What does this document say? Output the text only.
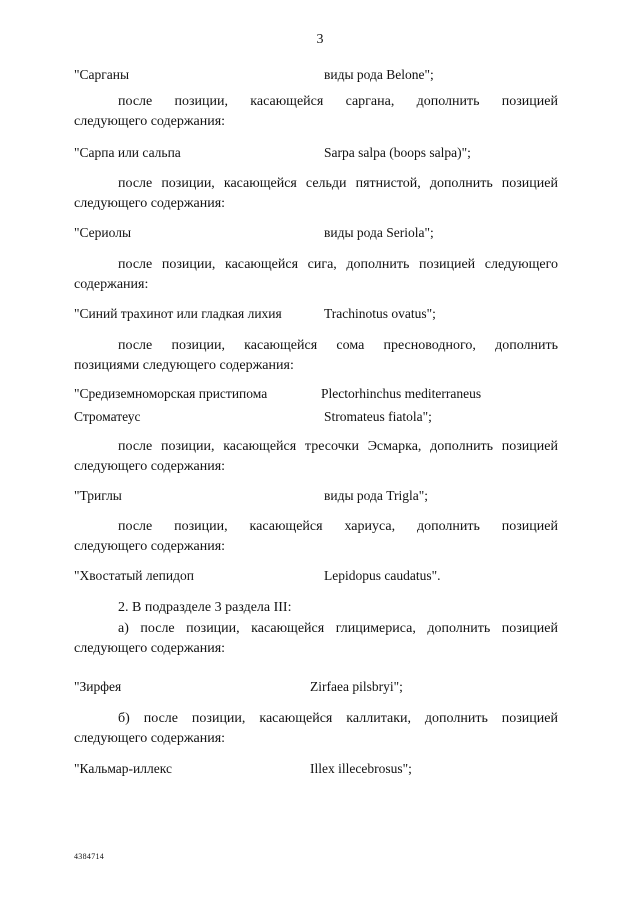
3
"Сарганы	виды рода Belone";
после позиции, касающейся саргана, дополнить позицией
следующего содержания:
"Сарпа или сальпа	Sarpa salpa (boops salpa)";
после позиции, касающейся сельди пятнистой, дополнить позицией
следующего содержания:
"Сериолы	виды рода Seriola";
после позиции, касающейся сига, дополнить позицией следующего
содержания:
"Синий трахинот или гладкая лихия	Trachinotus ovatus";
после позиции, касающейся сома пресноводного, дополнить
позициями следующего содержания:
"Средиземноморская пристипома	Plectorhinchus mediterraneus
Строматеус	Stromateus fiatola";
после позиции, касающейся тресочки Эсмарка, дополнить позицией
следующего содержания:
"Триглы	виды рода Trigla";
после позиции, касающейся хариуса, дополнить позицией
следующего содержания:
"Хвостатый лепидоп	Lepidopus caudatus".
2. В подразделе 3 раздела III:
а) после позиции, касающейся глицимериса, дополнить позицией
следующего содержания:
"Зирфея	Zirfaea pilsbryi";
б) после позиции, касающейся каллитаки, дополнить позицией
следующего содержания:
"Кальмар-иллекс	Illex illecebrosus";
4384714
